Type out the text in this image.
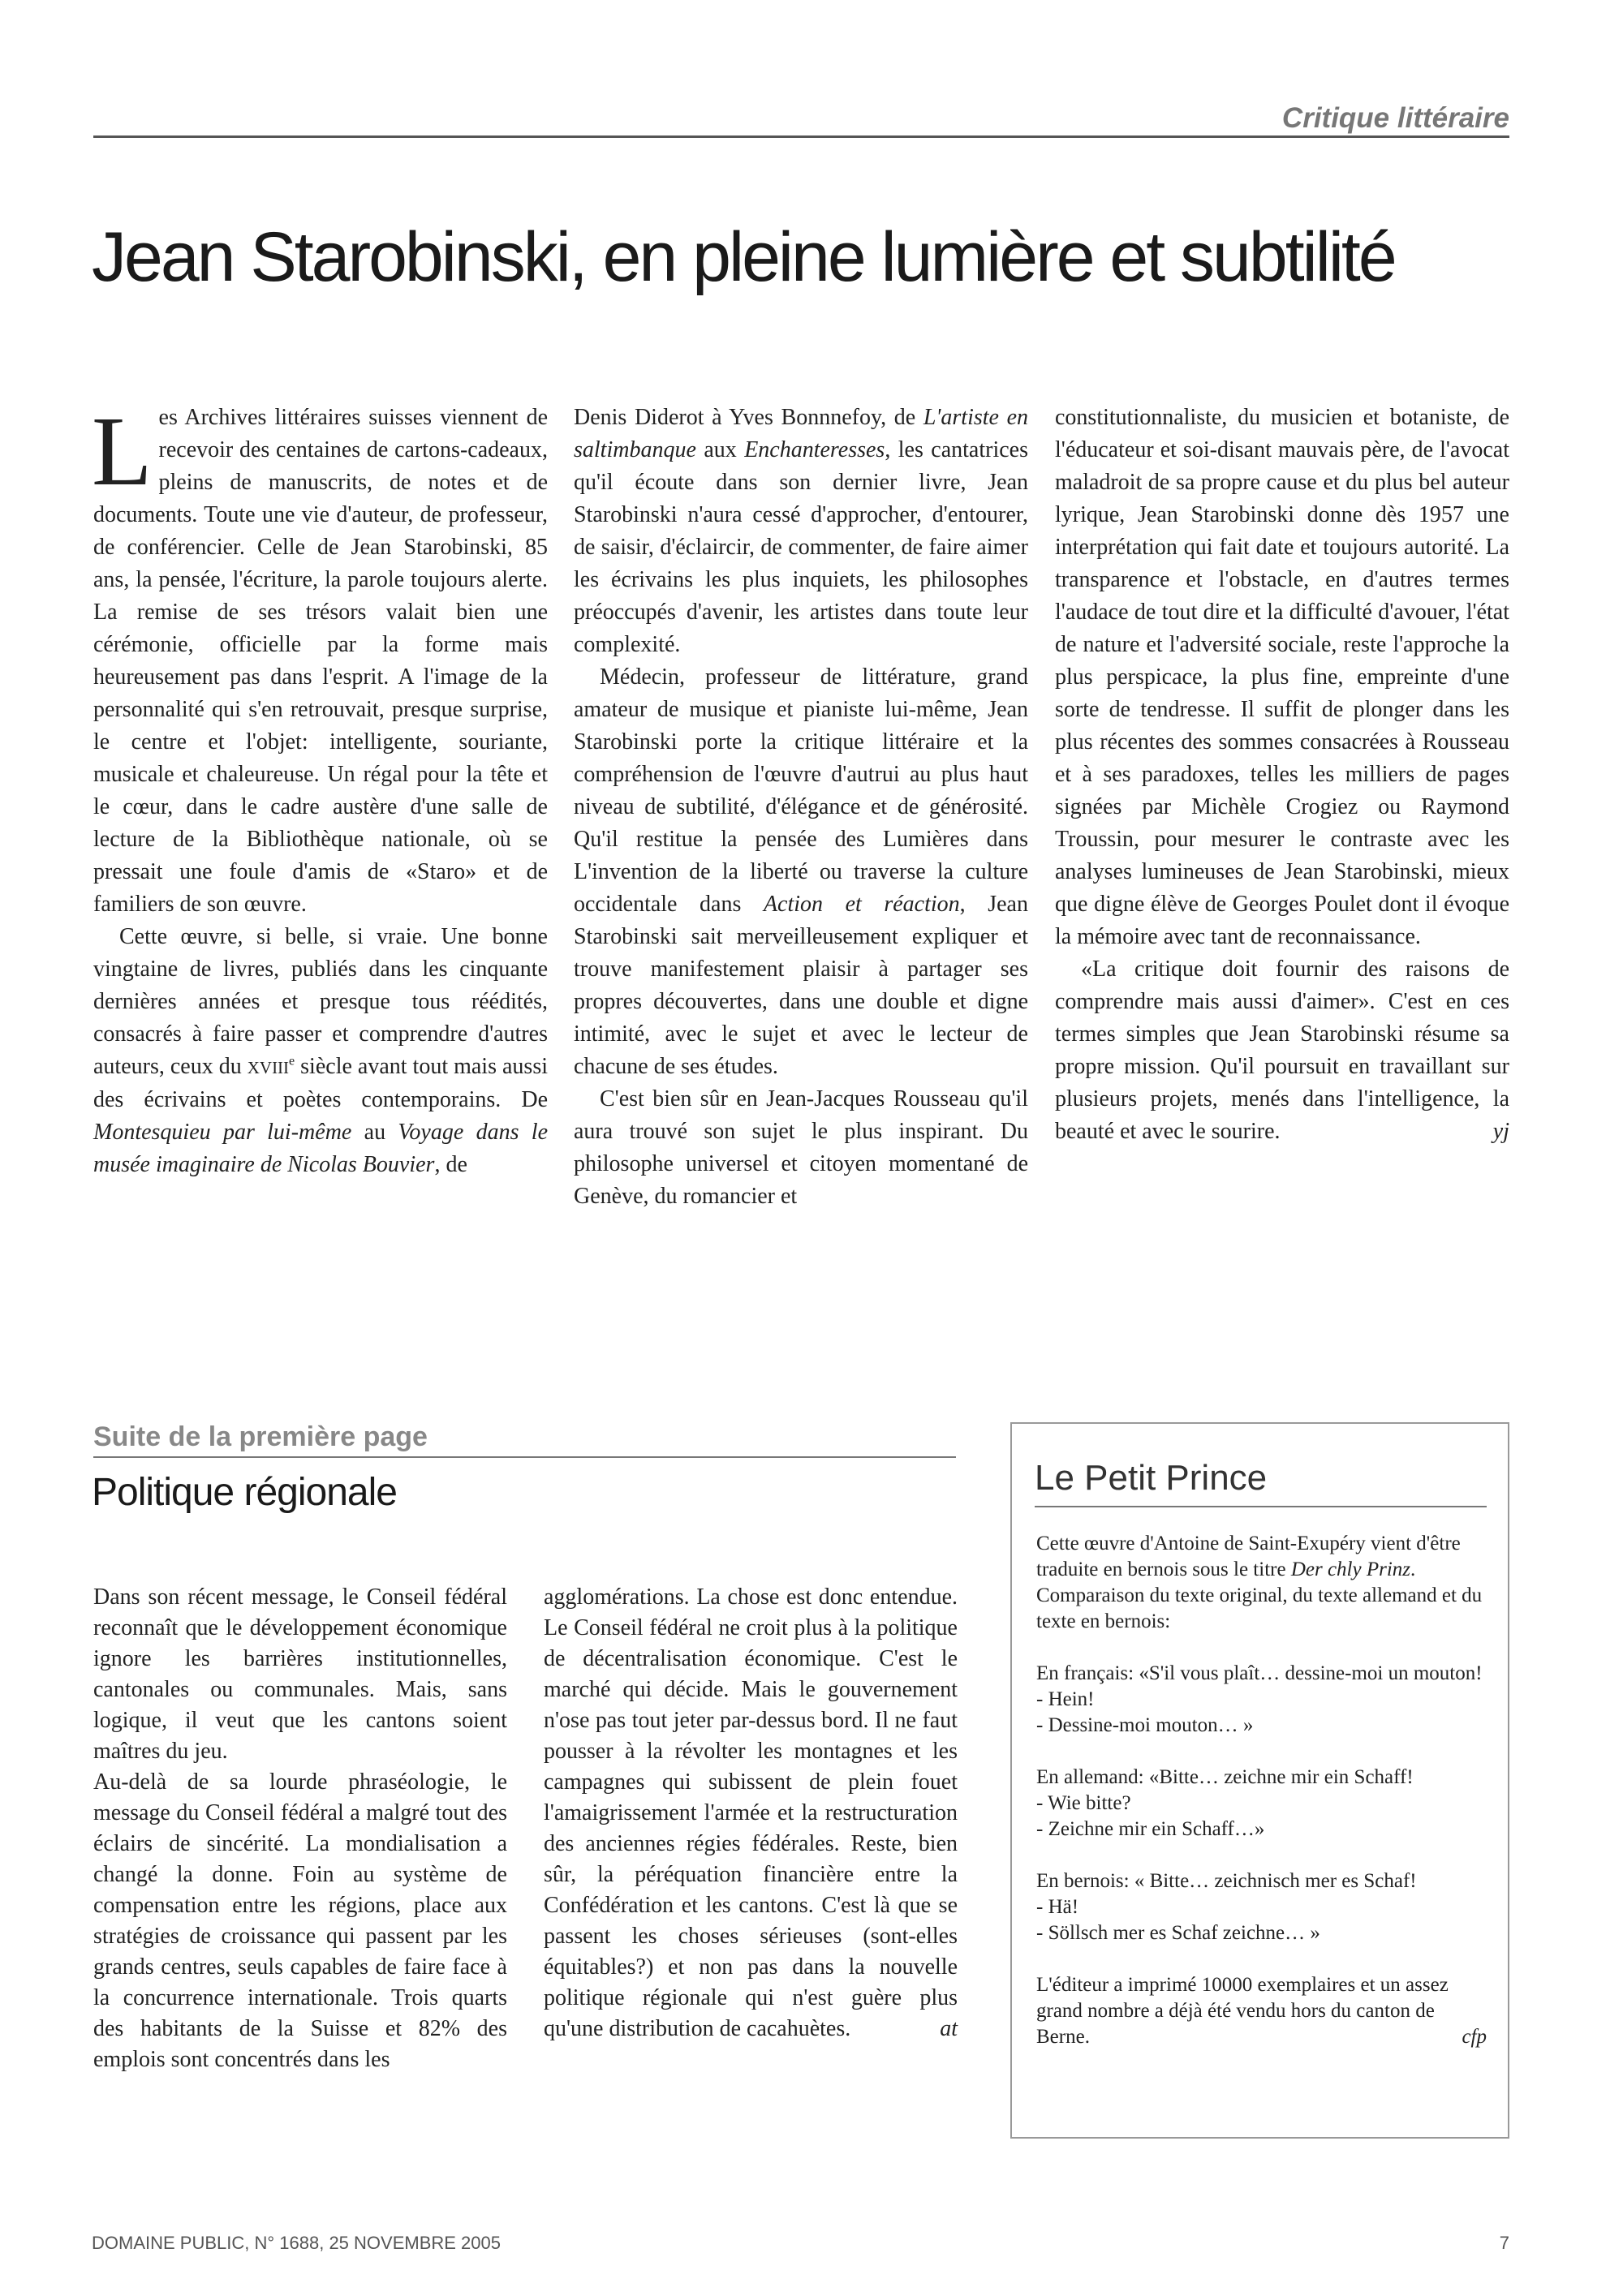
Critique littéraire
Jean Starobinski, en pleine lumière et subtilité

Les Archives littéraires suisses viennent de recevoir des centaines de cartons-cadeaux, pleins de manuscrits, de notes et de documents. Toute une vie d'auteur, de professeur, de conférencier. Celle de Jean Starobinski, 85 ans, la pensée, l'écriture, la parole toujours alerte. La remise de ses trésors valait bien une cérémonie, officielle par la forme mais heureusement pas dans l'esprit. A l'image de la personnalité qui s'en retrouvait, presque surprise, le centre et l'objet: intelligente, souriante, musicale et chaleureuse. Un régal pour la tête et le cœur, dans le cadre austère d'une salle de lecture de la Bibliothèque nationale, où se pressait une foule d'amis de «Staro» et de familiers de son œuvre.

Cette œuvre, si belle, si vraie. Une bonne vingtaine de livres, publiés dans les cinquante dernières années et presque tous réédités, consacrés à faire passer et comprendre d'autres auteurs, ceux du XVIIIe siècle avant tout mais aussi des écrivains et poètes contemporains. De Montesquieu par lui-même au Voyage dans le musée imaginaire de Nicolas Bouvier, de

Denis Diderot à Yves Bonnnefoy, de L'artiste en saltimbanque aux Enchanteresses, les cantatrices qu'il écoute dans son dernier livre, Jean Starobinski n'aura cessé d'approcher, d'entourer, de saisir, d'éclaircir, de commenter, de faire aimer les écrivains les plus inquiets, les philosophes préoccupés d'avenir, les artistes dans toute leur complexité.

Médecin, professeur de littérature, grand amateur de musique et pianiste lui-même, Jean Starobinski porte la critique littéraire et la compréhension de l'œuvre d'autrui au plus haut niveau de subtilité, d'élégance et de générosité. Qu'il restitue la pensée des Lumières dans L'invention de la liberté ou traverse la culture occidentale dans Action et réaction, Jean Starobinski sait merveilleusement expliquer et trouve manifestement plaisir à partager ses propres découvertes, dans une double et digne intimité, avec le sujet et avec le lecteur de chacune de ses études.

C'est bien sûr en Jean-Jacques Rousseau qu'il aura trouvé son sujet le plus inspirant. Du philosophe universel et citoyen momentané de Genève, du romancier et

constitutionnaliste, du musicien et botaniste, de l'éducateur et soi-disant mauvais père, de l'avocat maladroit de sa propre cause et du plus bel auteur lyrique, Jean Starobinski donne dès 1957 une interprétation qui fait date et toujours autorité. La transparence et l'obstacle, en d'autres termes l'audace de tout dire et la difficulté d'avouer, l'état de nature et l'adversité sociale, reste l'approche la plus perspicace, la plus fine, empreinte d'une sorte de tendresse. Il suffit de plonger dans les plus récentes des sommes consacrées à Rousseau et à ses paradoxes, telles les milliers de pages signées par Michèle Crogiez ou Raymond Troussin, pour mesurer le contraste avec les analyses lumineuses de Jean Starobinski, mieux que digne élève de Georges Poulet dont il évoque la mémoire avec tant de reconnaissance.

«La critique doit fournir des raisons de comprendre mais aussi d'aimer». C'est en ces termes simples que Jean Starobinski résume sa propre mission. Qu'il poursuit en travaillant sur plusieurs projets, menés dans l'intelligence, la beauté et avec le sourire.	yj

Suite de la première page
Politique régionale

Dans son récent message, le Conseil fédéral reconnaît que le développement économique ignore les barrières institutionnelles, cantonales ou communales. Mais, sans logique, il veut que les cantons soient maîtres du jeu.

Au-delà de sa lourde phraséologie, le message du Conseil fédéral a malgré tout des éclairs de sincérité. La mondialisation a changé la donne. Foin au système de compensation entre les régions, place aux stratégies de croissance qui passent par les grands centres, seuls capables de faire face à la concurrence internationale. Trois quarts des habitants de la Suisse et 82% des emplois sont concentrés dans les

agglomérations. La chose est donc entendue. Le Conseil fédéral ne croit plus à la politique de décentralisation économique. C'est le marché qui décide. Mais le gouvernement n'ose pas tout jeter par-dessus bord. Il ne faut pousser à la révolter les montagnes et les campagnes qui subissent de plein fouet l'amaigrissement l'armée et la restructuration des anciennes régies fédérales. Reste, bien sûr, la péréquation financière entre la Confédération et les cantons. C'est là que se passent les choses sérieuses (sont-elles équitables?) et non pas dans la nouvelle politique régionale qui n'est guère plus qu'une distribution de cacahuètes.	at

Le Petit Prince

Cette œuvre d'Antoine de Saint-Exupéry vient d'être traduite en bernois sous le titre Der chly Prinz. Comparaison du texte original, du texte allemand et du texte en bernois:

En français: «S'il vous plaît… dessine-moi un mouton!
- Hein!
- Dessine-moi mouton… »

En allemand: «Bitte… zeichne mir ein Schaff!
- Wie bitte?
- Zeichne mir ein Schaff…»

En bernois: « Bitte… zeichnisch mer es Schaf!
- Hä!
- Söllsch mer es Schaf zeichne… »

L'éditeur a imprimé 10000 exemplaires et un assez grand nombre a déjà été vendu hors du canton de Berne.	cfp

DOMAINE PUBLIC, N° 1688, 25 NOVEMBRE 2005	7
